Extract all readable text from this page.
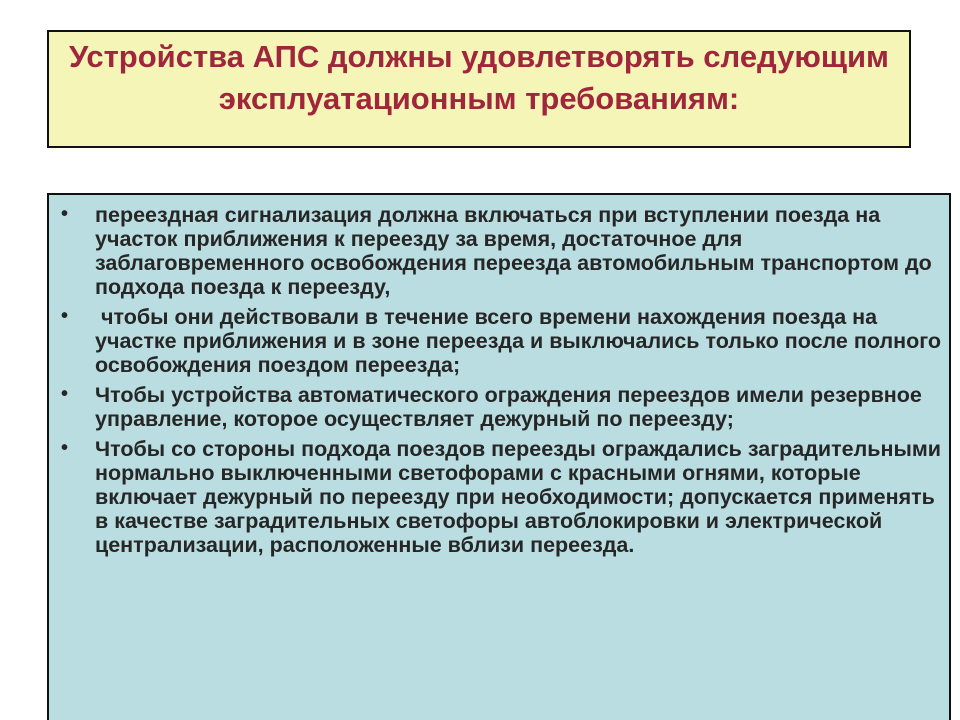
Устройства АПС должны удовлетворять следующим эксплуатационным требованиям:
• переездная сигнализация должна включаться при вступлении поезда на участок приближения к переезду за время, достаточное для заблаговременного освобождения переезда автомобильным транспортом до подхода поезда к переезду,
• чтобы они действовали в течение всего времени нахождения поезда на участке приближения и в зоне переезда и выключались только после полного освобождения поездом переезда;
• Чтобы устройства автоматического ограждения переездов имели резервное управление, которое осуществляет дежурный по переезду;
• Чтобы со стороны подхода поездов переезды ограждались заградительными нормально выключенными светофорами с красными огнями, которые включает дежурный по переезду при необходимости; допускается применять в качестве заградительных светофоры автоблокировки и электрической централизации, расположенные вблизи переезда.
